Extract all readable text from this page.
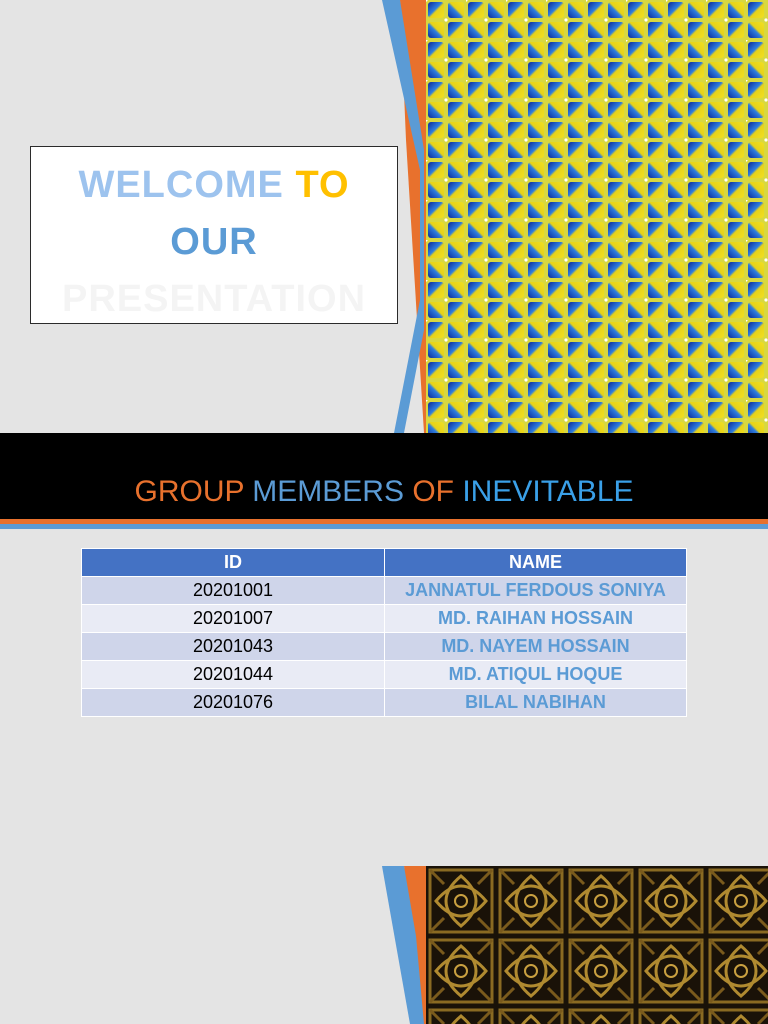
WELCOME TO
OUR
PRESENTATION
GROUP MEMBERS OF INEVITABLE
ID	NAME
20201001	JANNATUL FERDOUS SONIYA
20201007	MD. RAIHAN HOSSAIN
20201043	MD. NAYEM HOSSAIN
20201044	MD. ATIQUL HOQUE
20201076	BILAL NABIHAN
